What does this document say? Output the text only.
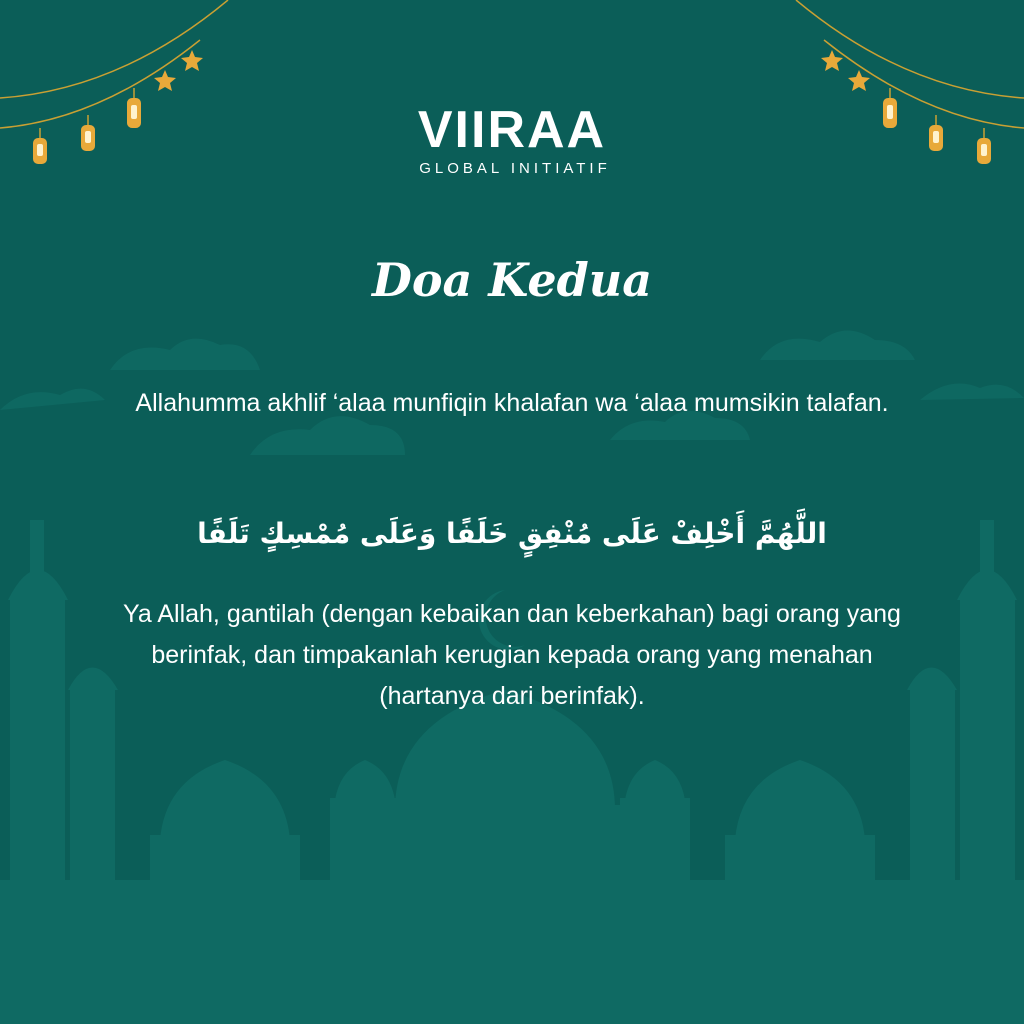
VIIRAA
GLOBAL INITIATIF
Doa Kedua
Allahumma akhlif ‘alaa munfiqin khalafan wa ‘alaa mumsikin talafan.
اللَّهُمَّ أَخْلِفْ عَلَى مُنْفِقٍ خَلَفًا وَعَلَى مُمْسِكٍ تَلَفًا
Ya Allah, gantilah (dengan kebaikan dan keberkahan) bagi orang yang berinfak, dan timpakanlah kerugian kepada orang yang menahan (hartanya dari berinfak).
